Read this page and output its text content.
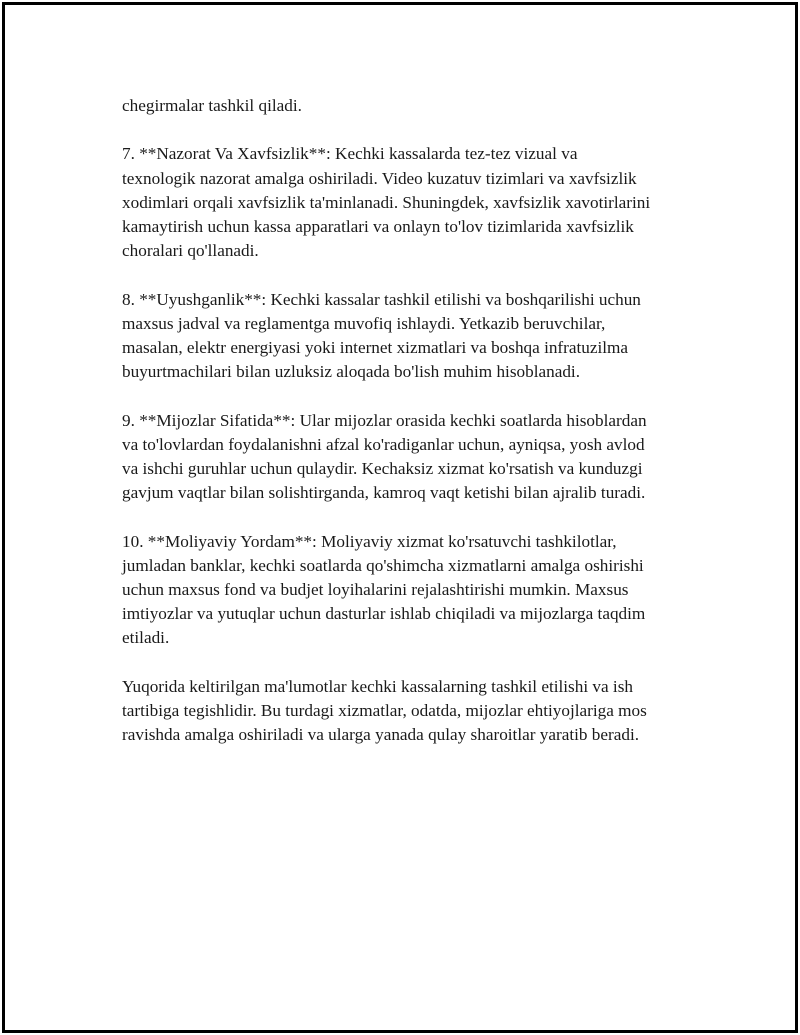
chegirmalar tashkil qiladi.

7. **Nazorat Va Xavfsizlik**: Kechki kassalarda tez-tez vizual va
texnologik nazorat amalga oshiriladi. Video kuzatuv tizimlari va xavfsizlik
xodimlari orqali xavfsizlik ta'minlanadi. Shuningdek, xavfsizlik xavotirlarini
kamaytirish uchun kassa apparatlari va onlayn to'lov tizimlarida xavfsizlik
choralari qo'llanadi.

8. **Uyushganlik**: Kechki kassalar tashkil etilishi va boshqarilishi uchun
maxsus jadval va reglamentga muvofiq ishlaydi. Yetkazib beruvchilar,
masalan, elektr energiyasi yoki internet xizmatlari va boshqa infratuzilma
buyurtmachilari bilan uzluksiz aloqada bo'lish muhim hisoblanadi.

9. **Mijozlar Sifatida**: Ular mijozlar orasida kechki soatlarda hisoblardan
va to'lovlardan foydalanishni afzal ko'radiganlar uchun, ayniqsa, yosh avlod
va ishchi guruhlar uchun qulaydir. Kechaksiz xizmat ko'rsatish va kunduzgi
gavjum vaqtlar bilan solishtirganda, kamroq vaqt ketishi bilan ajralib turadi.

10. **Moliyaviy Yordam**: Moliyaviy xizmat ko'rsatuvchi tashkilotlar,
jumladan banklar, kechki soatlarda qo'shimcha xizmatlarni amalga oshirishi
uchun maxsus fond va budjet loyihalarini rejalashtirishi mumkin. Maxsus
imtiyozlar va yutuqlar uchun dasturlar ishlab chiqiladi va mijozlarga taqdim
etiladi.

Yuqorida keltirilgan ma'lumotlar kechki kassalarning tashkil etilishi va ish
tartibiga tegishlidir. Bu turdagi xizmatlar, odatda, mijozlar ehtiyojlariga mos
ravishda amalga oshiriladi va ularga yanada qulay sharoitlar yaratib beradi.
